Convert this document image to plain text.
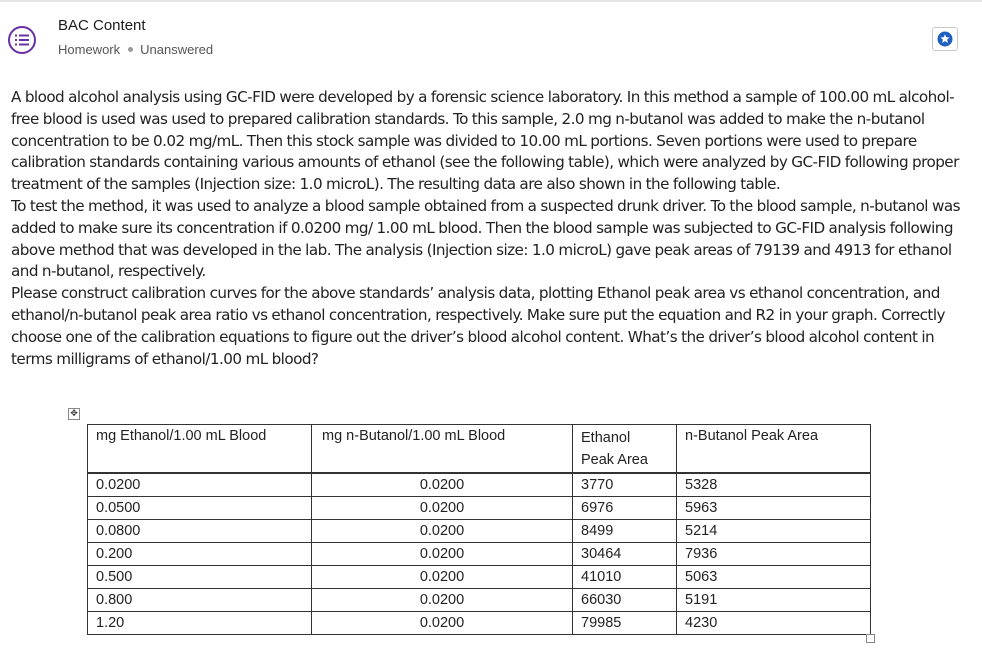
BAC Content
Homework Unanswered

A blood alcohol analysis using GC-FID were developed by a forensic science laboratory. In this method a sample of 100.00 mL alcohol-free blood is used was used to prepared calibration standards. To this sample, 2.0 mg n-butanol was added to make the n-butanol concentration to be 0.02 mg/mL. Then this stock sample was divided to 10.00 mL portions. Seven portions were used to prepare calibration standards containing various amounts of ethanol (see the following table), which were analyzed by GC-FID following proper treatment of the samples (Injection size: 1.0 microL). The resulting data are also shown in the following table.

To test the method, it was used to analyze a blood sample obtained from a suspected drunk driver. To the blood sample, n-butanol was added to make sure its concentration if 0.0200 mg/ 1.00 mL blood. Then the blood sample was subjected to GC-FID analysis following above method that was developed in the lab. The analysis (Injection size: 1.0 microL) gave peak areas of 79139 and 4913 for ethanol and n-butanol, respectively.

Please construct calibration curves for the above standards’ analysis data, plotting Ethanol peak area vs ethanol concentration, and ethanol/n-butanol peak area ratio vs ethanol concentration, respectively. Make sure put the equation and R2 in your graph. Correctly choose one of the calibration equations to figure out the driver’s blood alcohol content. What’s the driver’s blood alcohol content in terms milligrams of ethanol/1.00 mL blood?

✥
mg Ethanol/1.00 mL Blood	mg n-Butanol/1.00 mL Blood	Ethanol
Peak Area	n-Butanol Peak Area
0.0200	0.0200	3770	5328
0.0500	0.0200	6976	5963
0.0800	0.0200	8499	5214
0.200	0.0200	30464	7936
0.500	0.0200	41010	5063
0.800	0.0200	66030	5191
1.20	0.0200	79985	4230
